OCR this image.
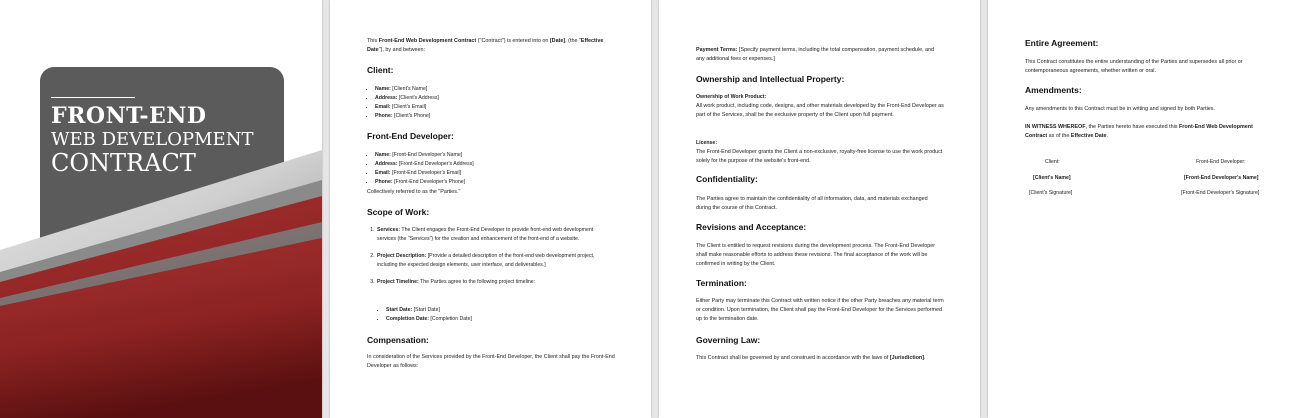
FRONT-END
WEB DEVELOPMENT
CONTRACT

This Front-End Web Development Contract ("Contract") is entered into on [Date], (the "Effective Date"), by and between:

Client:
• Name: [Client's Name]
• Address: [Client's Address]
• Email: [Client's Email]
• Phone: [Client's Phone]
Front-End Developer:
• Name: [Front-End Developer's Name]
• Address: [Front-End Developer's Address]
• Email: [Front-End Developer's Email]
• Phone: [Front-End Developer's Phone]

Collectively referred to as the "Parties."

Scope of Work:
1. Services: The Client engages the Front-End Developer to provide front-end web development services (the "Services") for the creation and enhancement of the front-end of a website.
2. Project Description: [Provide a detailed description of the front-end web development project, including the expected design elements, user interface, and deliverables.]
3. Project Timeline: The Parties agree to the following project timeline:
• Start Date: [Start Date]
• Completion Date: [Completion Date]
Compensation:

In consideration of the Services provided by the Front-End Developer, the Client shall pay the Front-End Developer as follows:

Payment Terms: [Specify payment terms, including the total compensation, payment schedule, and any additional fees or expenses.]

Ownership and Intellectual Property:
Ownership of Work Product:

All work product, including code, designs, and other materials developed by the Front-End Developer as part of the Services, shall be the exclusive property of the Client upon full payment.

License:

The Front-End Developer grants the Client a non-exclusive, royalty-free license to use the work product solely for the purpose of the website's front-end.

Confidentiality:

The Parties agree to maintain the confidentiality of all information, data, and materials exchanged during the course of this Contract.

Revisions and Acceptance:

The Client is entitled to request revisions during the development process. The Front-End Developer shall make reasonable efforts to address these revisions. The final acceptance of the work will be confirmed in writing by the Client.

Termination:

Either Party may terminate this Contract with written notice if the other Party breaches any material term or condition. Upon termination, the Client shall pay the Front-End Developer for the Services performed up to the termination date.

Governing Law:

This Contract shall be governed by and construed in accordance with the laws of [Jurisdiction].

Entire Agreement:

This Contract constitutes the entire understanding of the Parties and supersedes all prior or contemporaneous agreements, whether written or oral.

Amendments:

Any amendments to this Contract must be in writing and signed by both Parties.

IN WITNESS WHEREOF, the Parties hereto have executed this Front-End Web Development Contract as of the Effective Date.

Client:
[Client's Name]
[Client's Signature]
Front-End Developer:
[Front-End Developer's Name]
[Front-End Developer's Signature]
